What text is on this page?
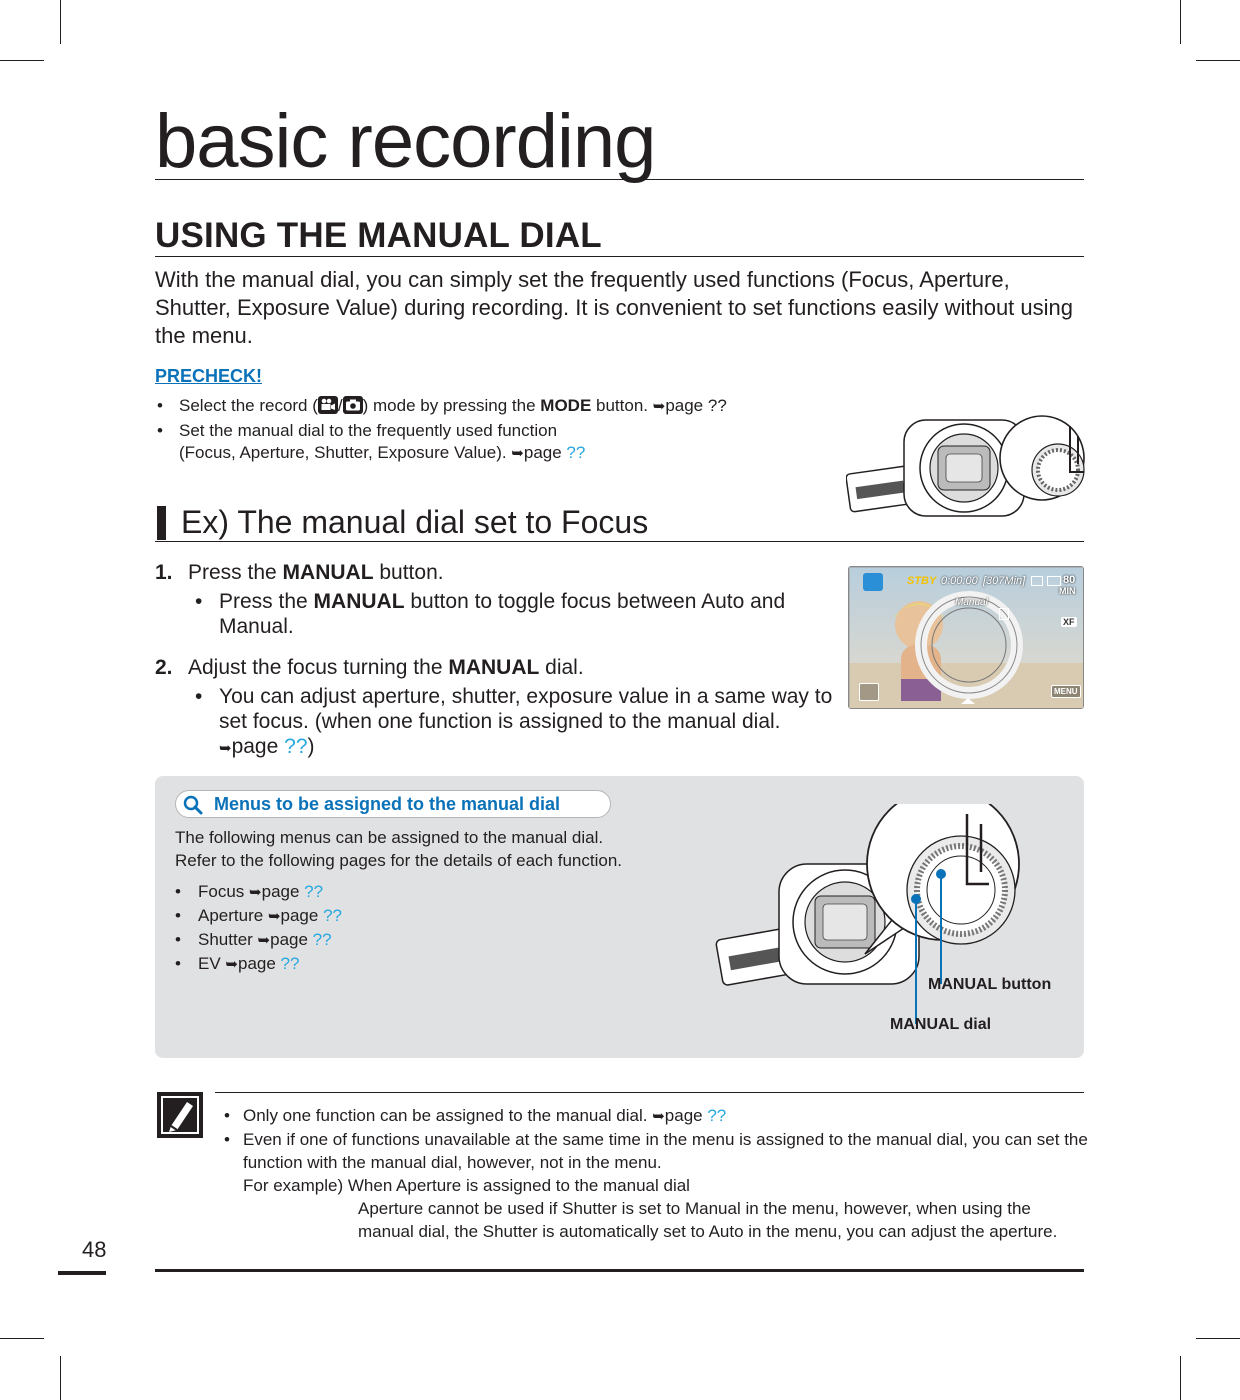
basic recording
USING THE MANUAL DIAL

With the manual dial, you can simply set the frequently used functions (Focus, Aperture, Shutter, Exposure Value) during recording. It is convenient to set functions easily without using the menu.

PRECHECK!
• Select the record ( / ) mode by pressing the MODE button. ➥page ??
• Set the manual dial to the frequently used function
(Focus, Aperture, Shutter, Exposure Value). ➥page ??
Ex) The manual dial set to Focus
1. Press the MANUAL button.
• Press the MANUAL button to toggle focus between Auto and Manual.
2. Adjust the focus turning the MANUAL dial.
• You can adjust aperture, shutter, exposure value in a same way to set focus. (when one function is assigned to the manual dial.
➥page ??)
STBY 0:00:00 [307Min]	80
MIN
Manual
XF
MENU
Menus to be assigned to the manual dial
The following menus can be assigned to the manual dial.
Refer to the following pages for the details of each function.
• Focus ➥page ??
• Aperture ➥page ??
• Shutter ➥page ??
• EV ➥page ??
MANUAL button
MANUAL dial
• Only one function can be assigned to the manual dial. ➥page ??
• Even if one of functions unavailable at the same time in the menu is assigned to the manual dial, you can set the function with the manual dial, however, not in the menu.
For example) When Aperture is assigned to the manual dial
Aperture cannot be used if Shutter is set to Manual in the menu, however, when using the manual dial, the Shutter is automatically set to Auto in the menu, you can adjust the aperture.
48
